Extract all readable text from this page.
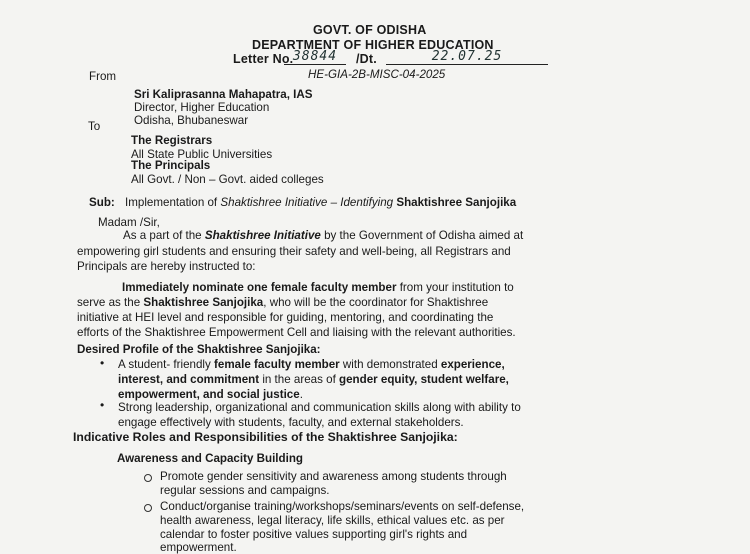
GOVT. OF ODISHA
DEPARTMENT OF HIGHER EDUCATION
Letter No. 38844	/Dt.	22.07.25
HE-GIA-2B-MISC-04-2025
From
Sri Kaliprasanna Mahapatra, IAS
Director, Higher Education
Odisha, Bhubaneswar
To
The Registrars
All State Public Universities
The Principals
All Govt. / Non – Govt. aided colleges
Sub: Implementation of Shaktishree Initiative – Identifying Shaktishree Sanjojika
Madam /Sir,
As a part of the Shaktishree Initiative by the Government of Odisha aimed at
empowering girl students and ensuring their safety and well-being, all Registrars and
Principals are hereby instructed to:
Immediately nominate one female faculty member from your institution to
serve as the Shaktishree Sanjojika, who will be the coordinator for Shaktishree
initiative at HEI level and responsible for guiding, mentoring, and coordinating the
efforts of the Shaktishree Empowerment Cell and liaising with the relevant authorities.
Desired Profile of the Shaktishree Sanjojika:
• A student- friendly female faculty member with demonstrated experience,
interest, and commitment in the areas of gender equity, student welfare,
empowerment, and social justice.
• Strong leadership, organizational and communication skills along with ability to
engage effectively with students, faculty, and external stakeholders.
Indicative Roles and Responsibilities of the Shaktishree Sanjojika:
Awareness and Capacity Building
Promote gender sensitivity and awareness among students through
regular sessions and campaigns.
Conduct/organise training/workshops/seminars/events on self-defense,
health awareness, legal literacy, life skills, ethical values etc. as per
calendar to foster positive values supporting girl's rights and
empowerment.
